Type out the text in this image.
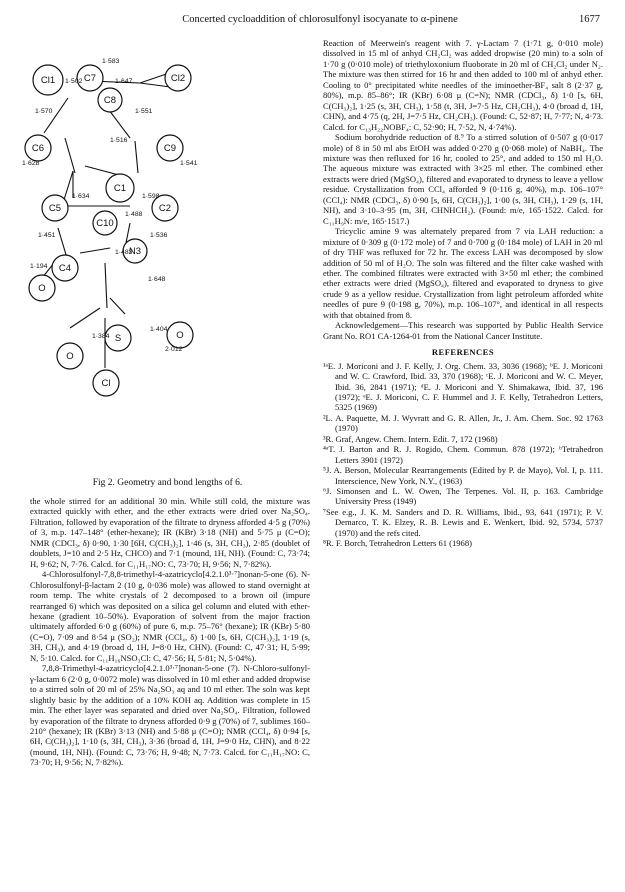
Concerted cycloaddition of chlorosulfonyl isocyanate to α-pinene	1677
Cl1	C7	Cl2
C8
C6	C9
C1
C5	C2
C10
C4
N3
O
S	O
O
Cl
1·583
1·502	1·647
1·570	1·551
1·516
1·628	1·541
1·634	1·598
1·488
1·451	1·536
1·483
1·194
1·648
1·384
1·404
2·012
Fig 2. Geometry and bond lengths of 6.

the whole stirred for an additional 30 min. While still cold, the mixture was extracted quickly with ether, and the ether extracts were dried over Na₂SO₄. Filtration, followed by evaporation of the filtrate to dryness afforded 4·5 g (70%) of 3, m.p. 147–148° (ether-hexane); IR (KBr) 3·18 (NH) and 5·75 μ (C=O); NMR (CDCl₃, δ) 0·90, 1·30 [6H, C(CH₃)₂], 1·46 (s, 3H, CH₃), 2·85 (doublet of doublets, J=10 and 2·5 Hz, CHCO) and 7·1 (mound, 1H, NH). (Found: C, 73·74; H, 9·62; N, 7·76. Calcd. for C₁₁H₁₇NO: C, 73·70; H, 9·56; N, 7·82%).

4-Chlorosulfonyl-7,8,8-trimethyl-4-azatricyclo[4.2.1.0³·⁷]nonan-5-one (6). N-Chlorosulfonyl-β-lactam 2 (10 g, 0·036 mole) was allowed to stand overnight at room temp. The white crystals of 2 decomposed to a brown oil (impure rearranged 6) which was deposited on a silica gel column and eluted with ether-hexane (gradient 10–50%). Evaporation of solvent from the major fraction ultimately afforded 6·0 g (60%) of pure 6, m.p. 75–76° (hexane); IR (KBr) 5·80 (C=O), 7·09 and 8·54 μ (SO₂); NMR (CCl₄, δ) 1·00 [s, 6H, C(CH₃)₂], 1·19 (s, 3H, CH₃), and 4·19 (broad d, 1H, J=8·0 Hz, CHN). (Found: C, 47·31; H, 5·99; N, 5·10. Calcd. for C₁₁H₁₆NSO₃Cl: C, 47·56; H, 5·81; N, 5·04%).

7,8,8-Trimethyl-4-azatricyclo[4.2.1.0³·⁷]nonan-5-one (7). N-Chloro-sulfonyl-γ-lactam 6 (2·0 g, 0·0072 mole) was dissolved in 10 ml ether and added dropwise to a stirred soln of 20 ml of 25% Na₂SO₃ aq and 10 ml ether. The soln was kept slightly basic by the addition of a 10% KOH aq. Addition was complete in 15 min. The ether layer was separated and dried over Na₂SO₄. Filtration, followed by evaporation of the filtrate to dryness afforded 0·9 g (70%) of 7, sublimes 160–210° (hexane); IR (KBr) 3·13 (NH) and 5·88 μ (C=O); NMR (CCl₄, δ) 0·94 [s, 6H, C(CH₃)₂], 1·10 (s, 3H, CH₃), 3·36 (broad d, 1H, J=9·0 Hz, CHN), and 8·22 (mound, 1H, NH). (Found: C, 73·76; H, 9·48; N, 7·73. Calcd. for C₁₁H₁₇NO: C, 73·70; H, 9·56; N, 7·82%).

Reaction of Meerwein's reagent with 7. γ-Lactam 7 (1·71 g, 0·010 mole) dissolved in 15 ml of anhyd CH₂Cl₂ was added dropwise (20 min) to a soln of 1·70 g (0·010 mole) of triethyloxonium fluoborate in 20 ml of CH₂Cl₂ under N₂. The mixture was then stirred for 16 hr and then added to 100 ml of anhyd ether. Cooling to 0° precipitated white needles of the iminoether-BF₄ salt 8 (2·37 g, 80%), m.p. 85–86°; IR (KBr) 6·08 μ (C=N); NMR (CDCl₃, δ) 1·0 [s, 6H, C(CH₃)₂], 1·25 (s, 3H, CH₃), 1·58 (t, 3H, J=7·5 Hz, CH₂CH₃), 4·0 (broad d, 1H, CHN), and 4·75 (q, 2H, J=7·5 Hz, CH₂CH₃). (Found: C, 52·87; H, 7·77; N, 4·73. Calcd. for C₁₃H₂₂NOBF₄: C, 52·90; H, 7·52, N, 4·74%).

Sodium borohydride reduction of 8.⁹ To a stirred solution of 0·507 g (0·017 mole) of 8 in 50 ml abs EtOH was added 0·270 g (0·068 mole) of NaBH₄. The mixture was then refluxed for 16 hr, cooled to 25°, and added to 150 ml H₂O. The aqueous mixture was extracted with 3×25 ml ether. The combined ether extracts were dried (MgSO₄), filtered and evaporated to dryness to leave a yellow residue. Crystallization from CCl₄ afforded 9 (0·116 g, 40%), m.p. 106–107° (CCl₄): NMR (CDCl₃, δ) 0·90 [s, 6H, C(CH₃)₂], 1·00 (s, 3H, CH₃), 1·29 (s, 1H, NH), and 3·10–3·95 (m, 3H, CHNHCH₂). (Found: m/e, 165·1522. Calcd. for C₁₁H₉N: m/e, 165·1517.)

Tricyclic amine 9 was alternately prepared from 7 via LAH reduction: a mixture of 0·309 g (0·172 mole) of 7 and 0·700 g (0·184 mole) of LAH in 20 ml of dry THF was refluxed for 72 hr. The excess LAH was decomposed by slow addition of 50 ml of H₂O. The soln was filtered and the filter cake washed with ether. The combined filtrates were extracted with 3×50 ml ether; the combined ether extracts were dried (MgSO₄), filtered and evaporated to dryness to give crude 9 as a yellow residue. Crystallization from light petroleum afforded white needles of pure 9 (0·198 g, 70%), m.p. 106–107°, and identical in all respects with that obtained from 8.

Acknowledgement—This research was supported by Public Health Service Grant No. RO1 CA-1264-01 from the National Cancer Institute.

REFERENCES
¹ᵃE. J. Moriconi and J. F. Kelly, J. Org. Chem. 33, 3036 (1968); ᵇE. J. Moriconi and W. C. Crawford, Ibid. 33, 370 (1968); ᶜE. J. Moriconi and W. C. Meyer, Ibid. 36, 2841 (1971); ᵈE. J. Moriconi and Y. Shimakawa, Ibid. 37, 196 (1972); ᵉE. J. Moriconi, C. F. Hummel and J. F. Kelly, Tetrahedron Letters, 5325 (1969)
²L. A. Paquette, M. J. Wyvratt and G. R. Allen, Jr., J. Am. Chem. Soc. 92 1763 (1970)
³R. Graf, Angew. Chem. Intern. Edit. 7, 172 (1968)
⁴ᵃT. J. Barton and R. J. Rogido, Chem. Commun. 878 (1972); ᵇTetrahedron Letters 3901 (1972)
⁵J. A. Berson, Molecular Rearrangements (Edited by P. de Mayo), Vol. I, p. 111. Interscience, New York, N.Y., (1963)
⁶J. Simonsen and L. W. Owen, The Terpenes. Vol. II, p. 163. Cambridge University Press (1949)
⁷See e.g., J. K. M. Sanders and D. R. Williams, Ibid., 93, 641 (1971); P. V. Demarco, T. K. Elzey, R. B. Lewis and E. Wenkert, Ibid. 92, 5734, 5737 (1970) and the refs cited.
⁸R. F. Borch, Tetrahedron Letters 61 (1968)
